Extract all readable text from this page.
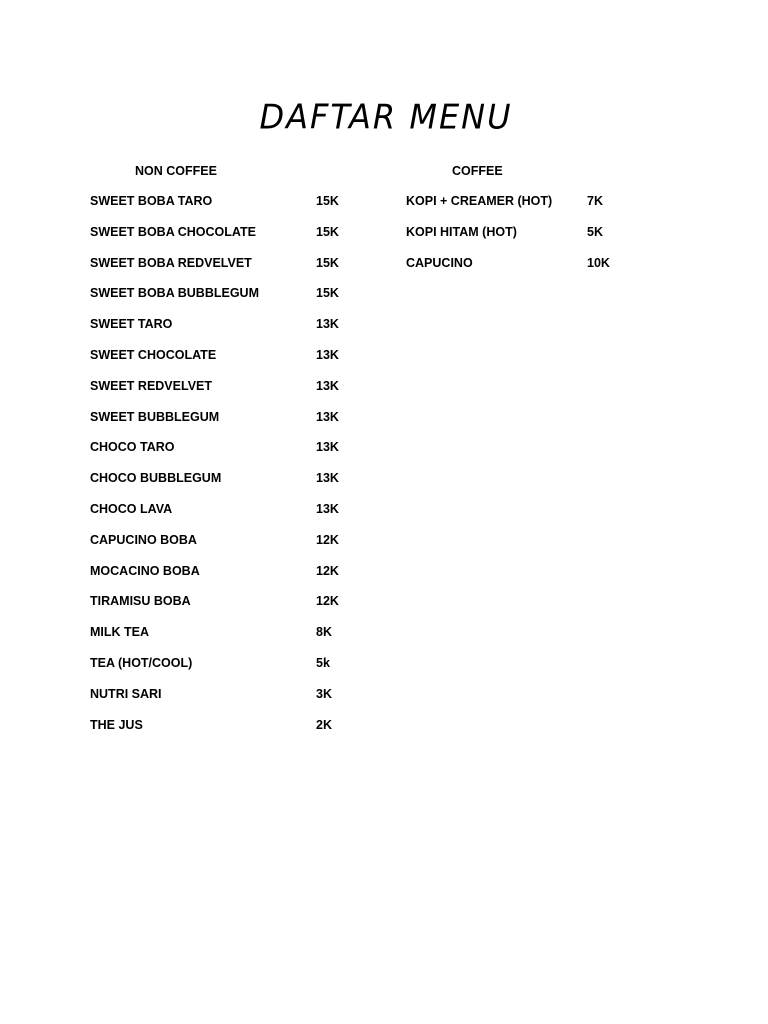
DAFTAR MENU
NON COFFEE	COFFEE
SWEET BOBA TARO	15K
SWEET BOBA CHOCOLATE	15K
SWEET BOBA REDVELVET	15K
SWEET BOBA BUBBLEGUM	15K
SWEET TARO	13K
SWEET CHOCOLATE	13K
SWEET REDVELVET	13K
SWEET BUBBLEGUM	13K
CHOCO TARO	13K
CHOCO BUBBLEGUM	13K
CHOCO LAVA	13K
CAPUCINO BOBA	12K
MOCACINO BOBA	12K
TIRAMISU BOBA	12K
MILK TEA	8K
TEA (HOT/COOL)	5k
NUTRI SARI	3K
THE JUS	2K
KOPI + CREAMER (HOT)	7K
KOPI HITAM (HOT)	5K
CAPUCINO	10K
